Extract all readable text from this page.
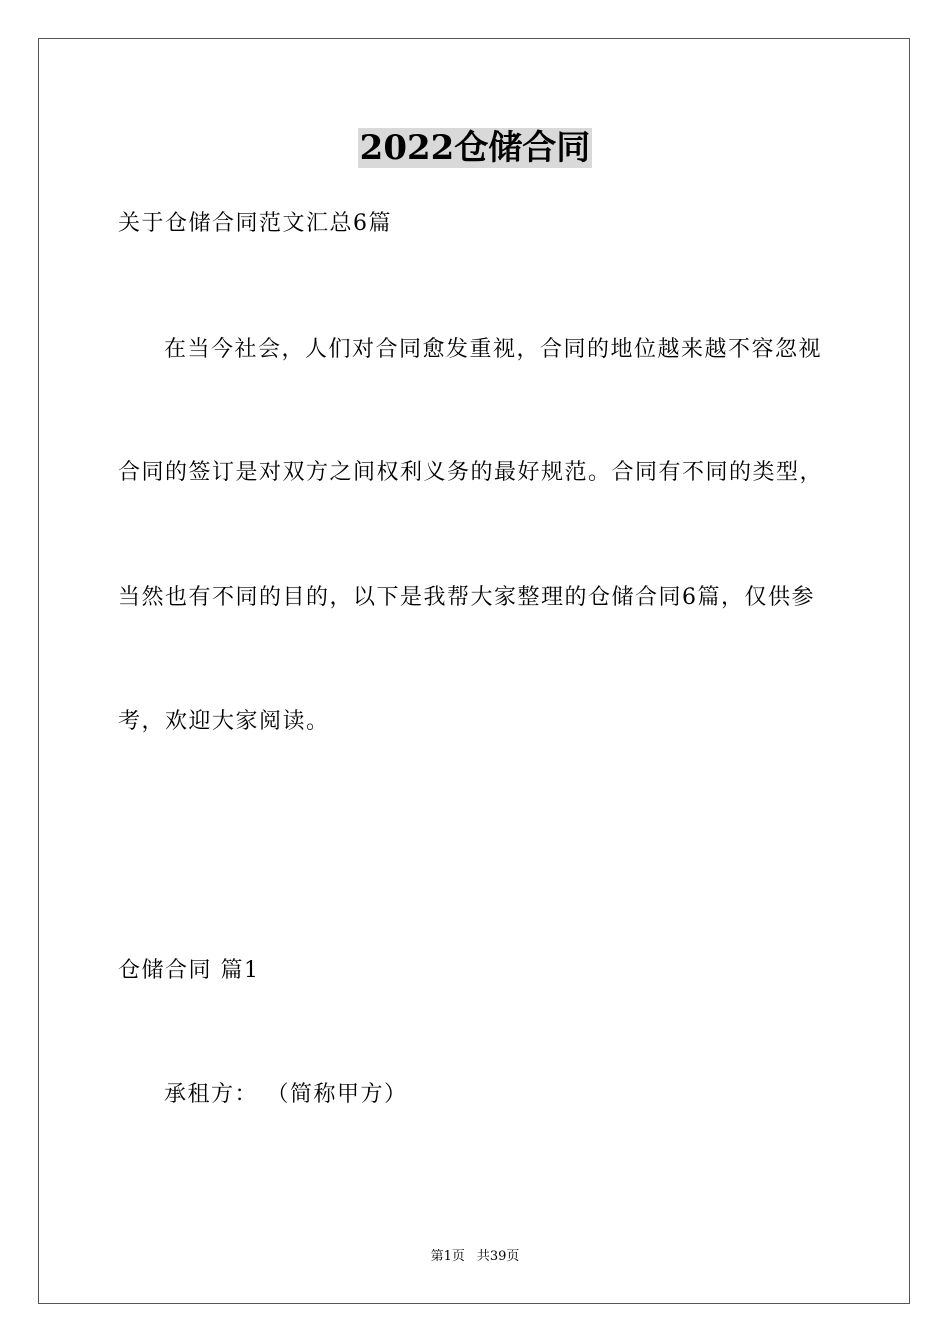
2022仓储合同
关于仓储合同范文汇总6篇
在当今社会，人们对合同愈发重视，合同的地位越来越不容忽视
合同的签订是对双方之间权利义务的最好规范。合同有不同的类型，
当然也有不同的目的，以下是我帮大家整理的仓储合同6篇，仅供参
考，欢迎大家阅读。
仓储合同 篇1
承租方： （简称甲方）
第1页 共39页
